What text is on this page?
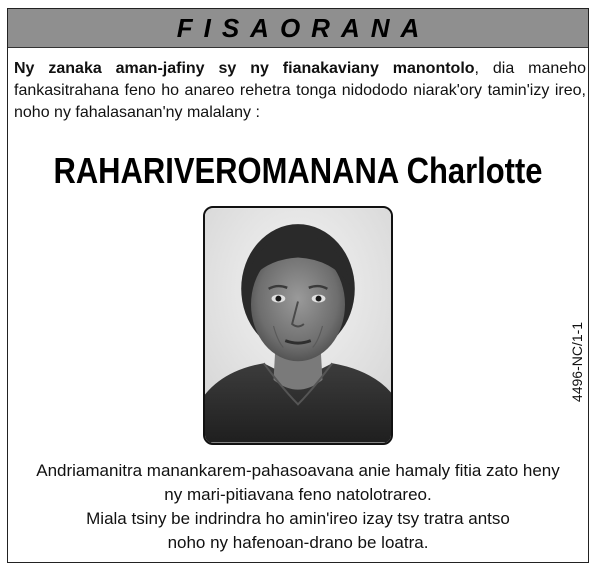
FISAORANA
Ny zanaka aman-jafiny sy ny fianakaviany manontolo, dia maneho fankasitrahana feno ho anareo rehetra tonga nidododo niarak'ory tamin'izy ireo, noho ny fahalasanan'ny malalany :
RAHARIVEROMANANA Charlotte
4496-NC/1-1
Andriamanitra manankarem-pahasoavana anie hamaly fitia zato heny
ny mari-pitiavana feno natolotrareo.
Miala tsiny be indrindra ho amin'ireo izay tsy tratra antso
noho ny hafenoan-drano be loatra.
